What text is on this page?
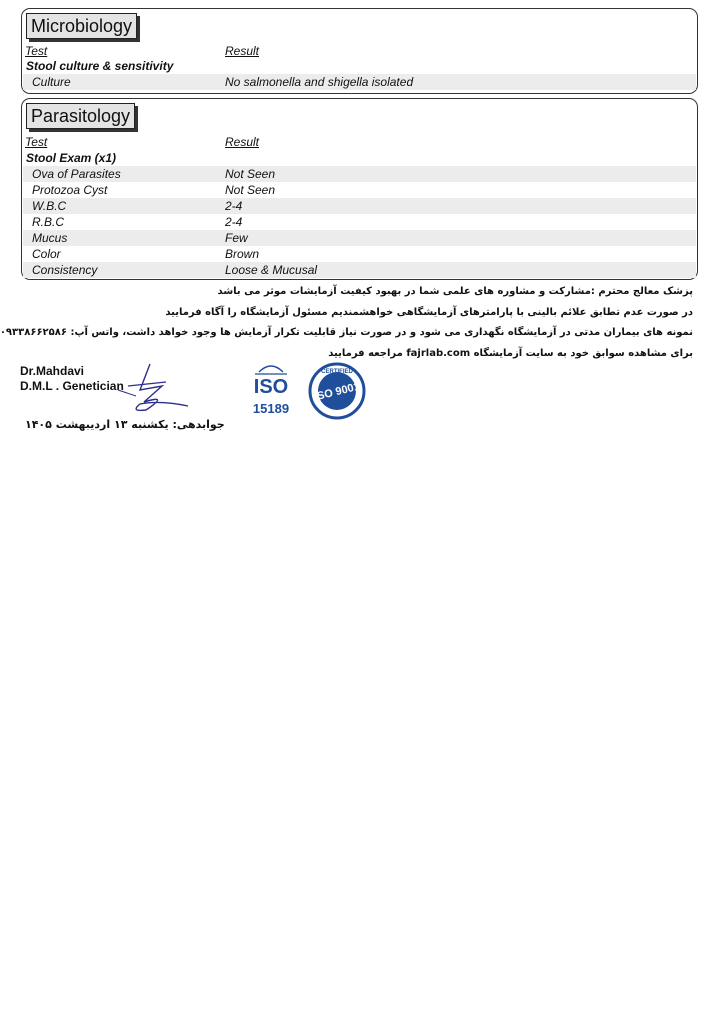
Microbiology
Test	Result
Stool culture & sensitivity
Culture	No salmonella and shigella isolated
Parasitology
Test	Result
Stool Exam (x1)
Ova of Parasites	Not Seen
Protozoa Cyst	Not Seen
W.B.C	2-4
R.B.C	2-4
Mucus	Few
Color	Brown
Consistency	Loose & Mucusal
پزشک معالج محترم :مشارکت و مشاوره های علمی شما در بهبود کیفیت آزمایشات موثر می باشد
در صورت عدم تطابق علائم بالینی با پارامترهای آزمایشگاهی خواهشمندیم مسئول آزمایشگاه را آگاه فرمایید
نمونه های بیماران مدتی در آزمایشگاه نگهداری می شود و در صورت نیاز قابلیت تکرار آزمایش ها وجود خواهد داشت، واتس آپ: ۰۹۳۳۸۶۶۲۵۸۶
برای مشاهده سوابق خود به سایت آزمایشگاه fajrlab.com مراجعه فرمایید
Dr.Mahdavi
D.M.L . Genetician	ISO
15189
CERTIFIED
ISO 9001
جوابدهی: یکشنبه ۱۳ اردیبهشت ۱۴۰۵
